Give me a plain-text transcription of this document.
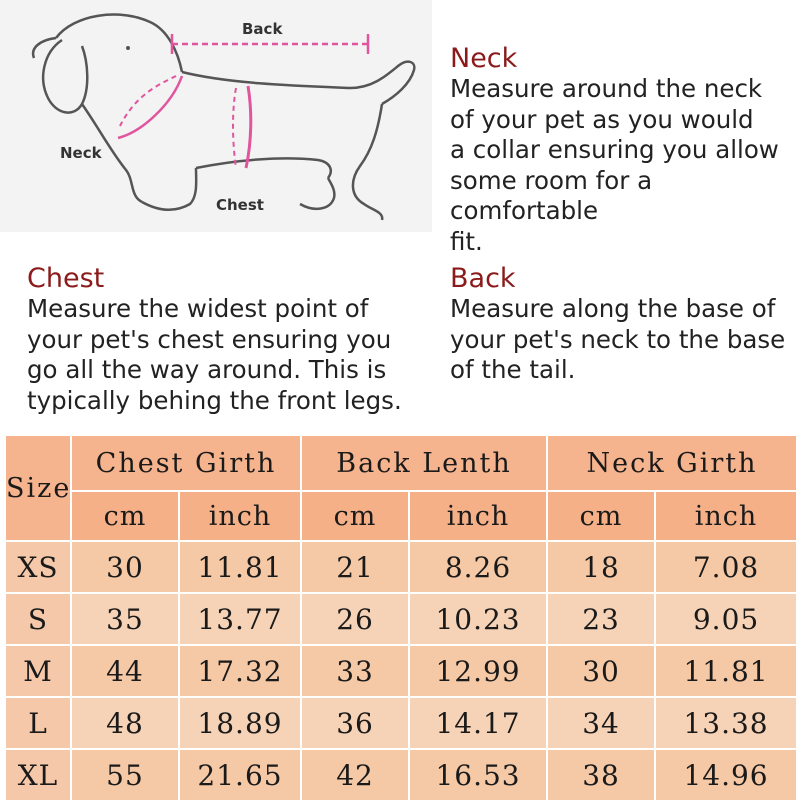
Back
Neck
Chest

Neck

Measure around the neck
of your pet as you would
a collar ensuring you allow
some room for a comfortable
fit.

Chest

Measure the widest point of
your pet's chest ensuring you
go all the way around. This is
typically behing the front legs.

Back

Measure along the base of
your pet's neck to the base
of the tail.

Size	Chest Girth		Back Lenth		Neck Girth	
	cm	inch	cm	inch	cm	inch
XS	30	11.81	21	8.26	18	7.08
S	35	13.77	26	10.23	23	9.05
M	44	17.32	33	12.99	30	11.81
L	48	18.89	36	14.17	34	13.38
XL	55	21.65	42	16.53	38	14.96
